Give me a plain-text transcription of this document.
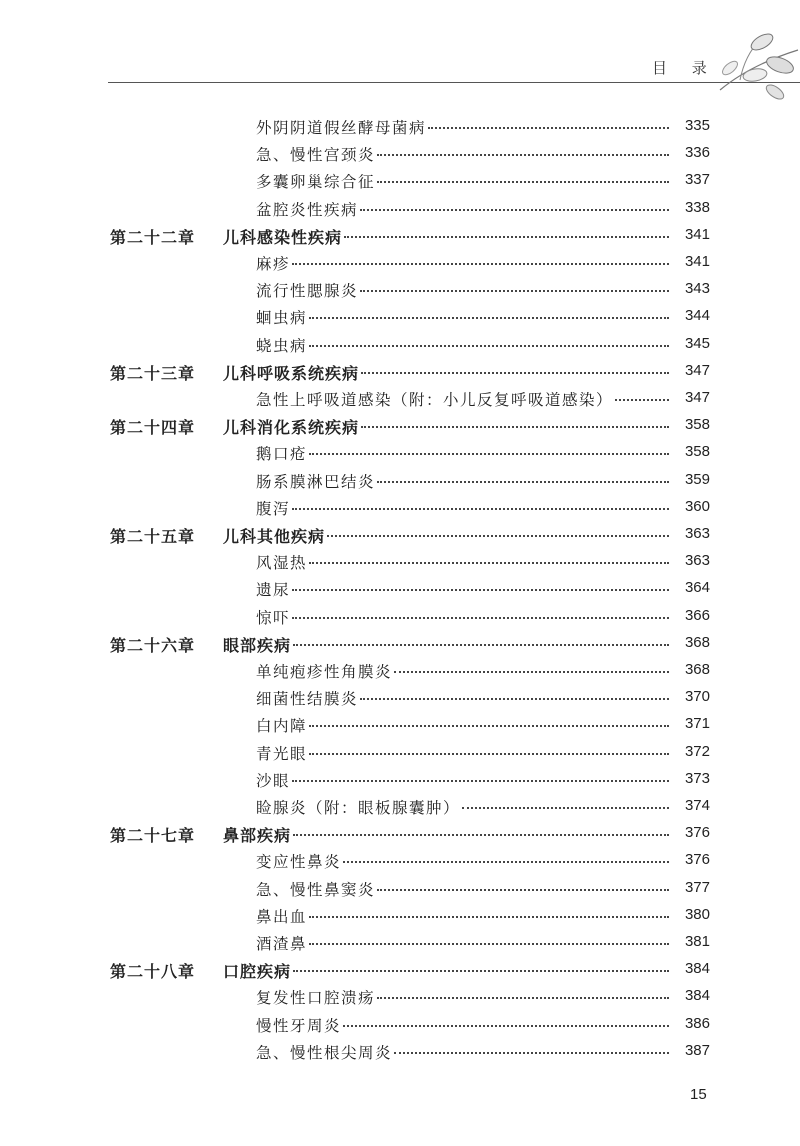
目 录
外阴阴道假丝酵母菌病	335
急、慢性宫颈炎	336
多囊卵巢综合征	337
盆腔炎性疾病	338
第二十二章 儿科感染性疾病	341
麻疹	341
流行性腮腺炎	343
蛔虫病	344
蛲虫病	345
第二十三章 儿科呼吸系统疾病	347
急性上呼吸道感染（附：小儿反复呼吸道感染）	347
第二十四章 儿科消化系统疾病	358
鹅口疮	358
肠系膜淋巴结炎	359
腹泻	360
第二十五章 儿科其他疾病	363
风湿热	363
遗尿	364
惊吓	366
第二十六章 眼部疾病	368
单纯疱疹性角膜炎	368
细菌性结膜炎	370
白内障	371
青光眼	372
沙眼	373
睑腺炎（附：眼板腺囊肿）	374
第二十七章 鼻部疾病	376
变应性鼻炎	376
急、慢性鼻窦炎	377
鼻出血	380
酒渣鼻	381
第二十八章 口腔疾病	384
复发性口腔溃疡	384
慢性牙周炎	386
急、慢性根尖周炎	387
15
